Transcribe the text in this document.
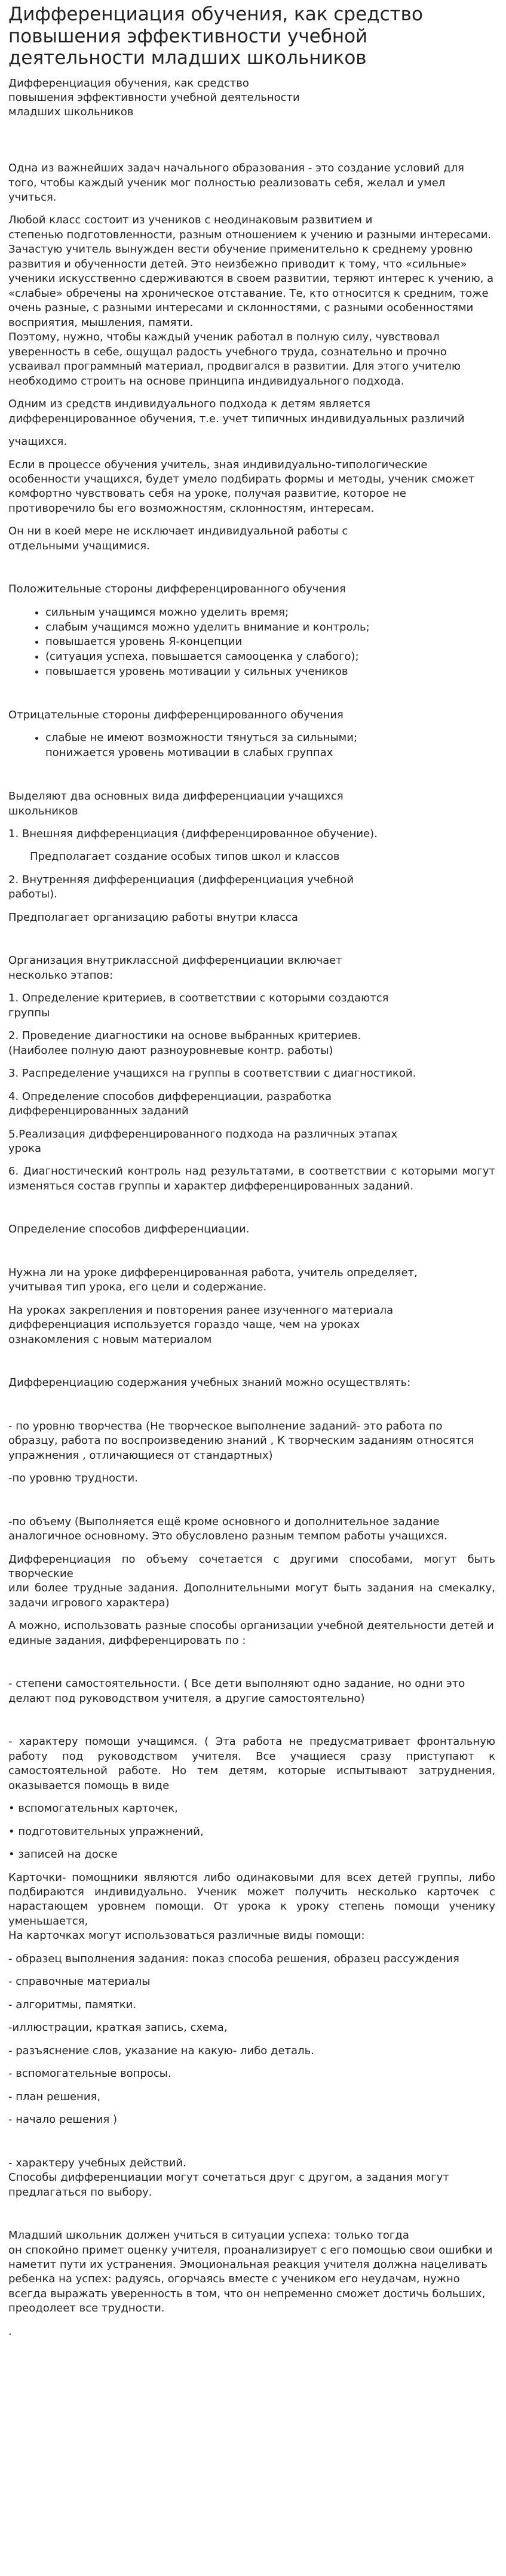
Дифференциация обучения, как средство повышения эффективности учебной деятельности младших школьников

Дифференциация обучения, как средство
повышения эффективности учебной деятельности
младших школьников

Одна из важнейших задач начального образования - это создание условий для того, чтобы каждый ученик мог полностью реализовать себя, желал и умел учиться.

Любой класс состоит из учеников с неодинаковым развитием и
степенью подготовленности, разным отношением к учению и разными интересами. Зачастую учитель вынужден вести обучение применительно к среднему уровню развития и обученности детей. Это неизбежно приводит к тому, что «сильные» ученики искусственно сдерживаются в своем развитии, теряют интерес к учению, а «слабые» обречены на хроническое отставание. Те, кто относится к средним, тоже очень разные, с разными интересами и склонностями, с разными особенностями восприятия, мышления, памяти.
Поэтому, нужно, чтобы каждый ученик работал в полную силу, чувствовал уверенность в себе, ощущал радость учебного труда, сознательно и прочно усваивал программный материал, продвигался в развитии. Для этого учителю необходимо строить на основе принципа индивидуального подхода.

Одним из средств индивидуального подхода к детям является дифференцированное обучения, т.е. учет типичных индивидуальных различий

учащихся.

Если в процессе обучения учитель, зная индивидуально-типологические особенности учащихся, будет умело подбирать формы и методы, ученик сможет комфортно чувствовать себя на уроке, получая развитие, которое не противоречило бы его возможностям, склонностям, интересам.

Он ни в коей мере не исключает индивидуальной работы с
отдельными учащимися.

Положительные стороны дифференцированного обучения

• сильным учащимся можно уделить время;
• слабым учащимся можно уделить внимание и контроль;
• повышается уровень Я-концепции
• (ситуация успеха, повышается самооценка у слабого);
• повышается уровень мотивации у сильных учеников

Отрицательные стороны дифференцированного обучения

• слабые не имеют возможности тянуться за сильными;
понижается уровень мотивации в слабых группах

Выделяют два основных вида дифференциации учащихся
школьников

1. Внешняя дифференциация (дифференцированное обучение).

Предполагает создание особых типов школ и классов

2. Внутренняя дифференциация (дифференциация учебной
работы).

Предполагает организацию работы внутри класса

Организация внутриклассной дифференциации включает
несколько этапов:

1. Определение критериев, в соответствии с которыми создаются
группы

2. Проведение диагностики на основе выбранных критериев.
(Наиболее полную дают разноуровневые контр. работы)

3. Распределение учащихся на группы в соответствии с диагностикой.

4. Определение способов дифференциации, разработка
дифференцированных заданий

5.Реализация дифференцированного подхода на различных этапах
урока

6. Диагностический контроль над результатами, в соответствии с которыми могут изменяться состав группы и характер дифференцированных заданий.

Определение способов дифференциации.

Нужна ли на уроке дифференцированная работа, учитель определяет,
учитывая тип урока, его цели и содержание.

На уроках закрепления и повторения ранее изученного материала
дифференциация используется гораздо чаще, чем на уроках
ознакомления с новым материалом

Дифференциацию содержания учебных знаний можно осуществлять:

- по уровню творчества (Не творческое выполнение заданий- это работа по образцу, работа по воспроизведению знаний , К творческим заданиям относятся упражнения , отличающиеся от стандартных)

-по уровню трудности.

-по объему (Выполняется ещё кроме основного и дополнительное задание аналогичное основному. Это обусловлено разным темпом работы учащихся.

Дифференциация по объему сочетается с другими способами, могут быть творческие
или более трудные задания. Дополнительными могут быть задания на смекалку, задачи игрового характера)

А можно, использовать разные способы организации учебной деятельности детей и единые задания, дифференцировать по :

- степени самостоятельности. ( Все дети выполняют одно задание, но одни это делают под руководством учителя, а другие самостоятельно)

- характеру помощи учащимся. ( Эта работа не предусматривает фронтальную работу под руководством учителя. Все учащиеся сразу приступают к самостоятельной работе. Но тем детям, которые испытывают затруднения, оказывается помощь в виде

• вспомогательных карточек,

• подготовительных упражнений,

• записей на доске

Карточки- помощники являются либо одинаковыми для всех детей группы, либо подбираются индивидуально. Ученик может получить несколько карточек с нарастающем уровнем помощи. От урока к уроку степень помощи ученику уменьшается,
На карточках могут использоваться различные виды помощи:

- образец выполнения задания: показ способа решения, образец рассуждения

- справочные материалы

- алгоритмы, памятки.

-иллюстрации, краткая запись, схема,

- разъяснение слов, указание на какую- либо деталь.

- вспомогательные вопросы.

- план решения,

- начало решения )

- характеру учебных действий.
Способы дифференциации могут сочетаться друг с другом, а задания могут предлагаться по выбору.

Младший школьник должен учиться в ситуации успеха: только тогда
он спокойно примет оценку учителя, проанализирует с его помощью свои ошибки и наметит пути их устранения. Эмоциональная реакция учителя должна нацеливать ребенка на успех: радуясь, огорчаясь вместе с учеником его неудачам, нужно всегда выражать уверенность в том, что он непременно сможет достичь больших, преодолеет все трудности.

.
